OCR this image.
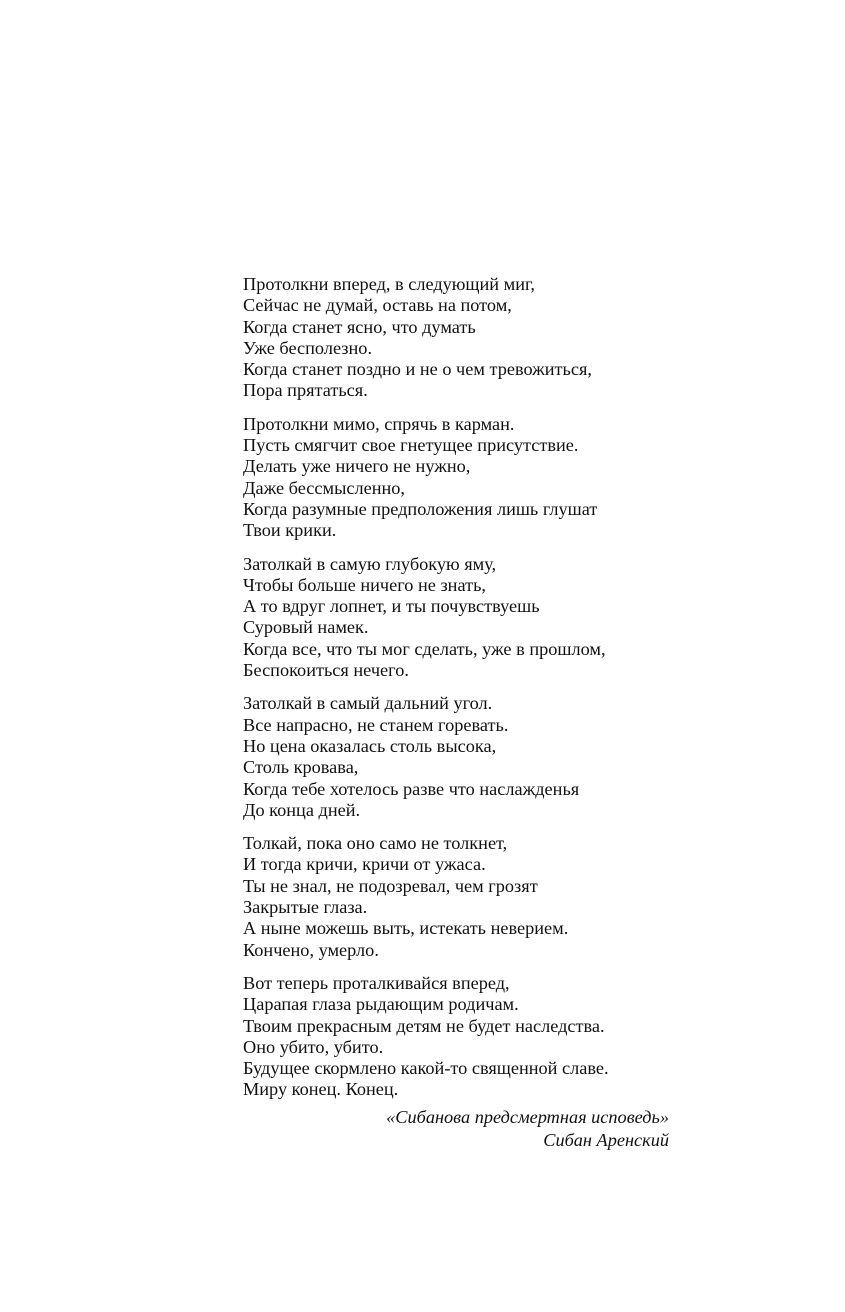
Протолкни вперед, в следующий миг,
Сейчас не думай, оставь на потом,
Когда станет ясно, что думать
Уже бесполезно.
Когда станет поздно и не о чем тревожиться,
Пора прятаться.
Протолкни мимо, спрячь в карман.
Пусть смягчит свое гнетущее присутствие.
Делать уже ничего не нужно,
Даже бессмысленно,
Когда разумные предположения лишь глушат
Твои крики.
Затолкай в самую глубокую яму,
Чтобы больше ничего не знать,
А то вдруг лопнет, и ты почувствуешь
Суровый намек.
Когда все, что ты мог сделать, уже в прошлом,
Беспокоиться нечего.
Затолкай в самый дальний угол.
Все напрасно, не станем горевать.
Но цена оказалась столь высока,
Столь кровава,
Когда тебе хотелось разве что наслажденья
До конца дней.
Толкай, пока оно само не толкнет,
И тогда кричи, кричи от ужаса.
Ты не знал, не подозревал, чем грозят
Закрытые глаза.
А ныне можешь выть, истекать неверием.
Кончено, умерло.
Вот теперь проталкивайся вперед,
Царапая глаза рыдающим родичам.
Твоим прекрасным детям не будет наследства.
Оно убито, убито.
Будущее скормлено какой-то священной славе.
Миру конец. Конец.
«Сибанова предсмертная исповедь»
Сибан Аренский
